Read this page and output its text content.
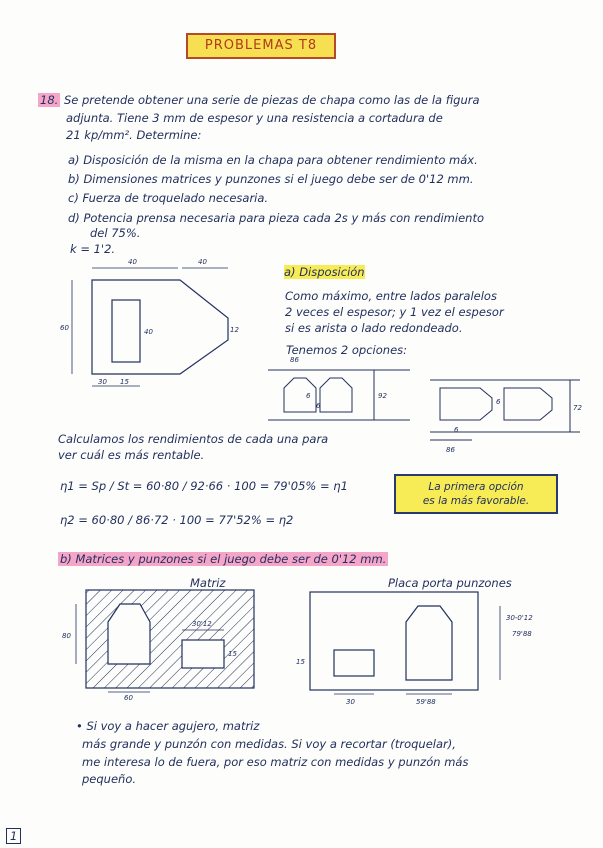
PROBLEMAS T8
18. Se pretende obtener una serie de piezas de chapa como las de la figura
adjunta. Tiene 3 mm de espesor y una resistencia a cortadura de
21 kp/mm². Determine:
a) Disposición de la misma en la chapa para obtener rendimiento máx.
b) Dimensiones matrices y punzones si el juego debe ser de 0'12 mm.
c) Fuerza de troquelado necesaria.
d) Potencia prensa necesaria para pieza cada 2s y más con rendimiento
del 75%.
k = 1'2.
a) Disposición
Como máximo, entre lados paralelos
2 veces el espesor; y 1 vez el espesor
si es arista o lado redondeado.
Tenemos 2 opciones:
Calculamos los rendimientos de cada una para
ver cuál es más rentable.
η1 = Sp / St = 60·80 / 92·66 · 100 = 79'05% = η1
η2 = 60·80 / 86·72 · 100 = 77'52% = η2
La primera opción
es la más favorable.
b) Matrices y punzones si el juego debe ser de 0'12 mm.
Matriz	Placa porta punzones
• Si voy a hacer agujero, matriz
más grande y punzón con medidas. Si voy a recortar (troquelar),
me interesa lo de fuera, por eso matriz con medidas y punzón más
pequeño.
1
40	40
60	40
30 15
12
86
92
6
6
86
72
6
6
30'12
80
15
60
30-0'12
79'88
15
30	59'88
